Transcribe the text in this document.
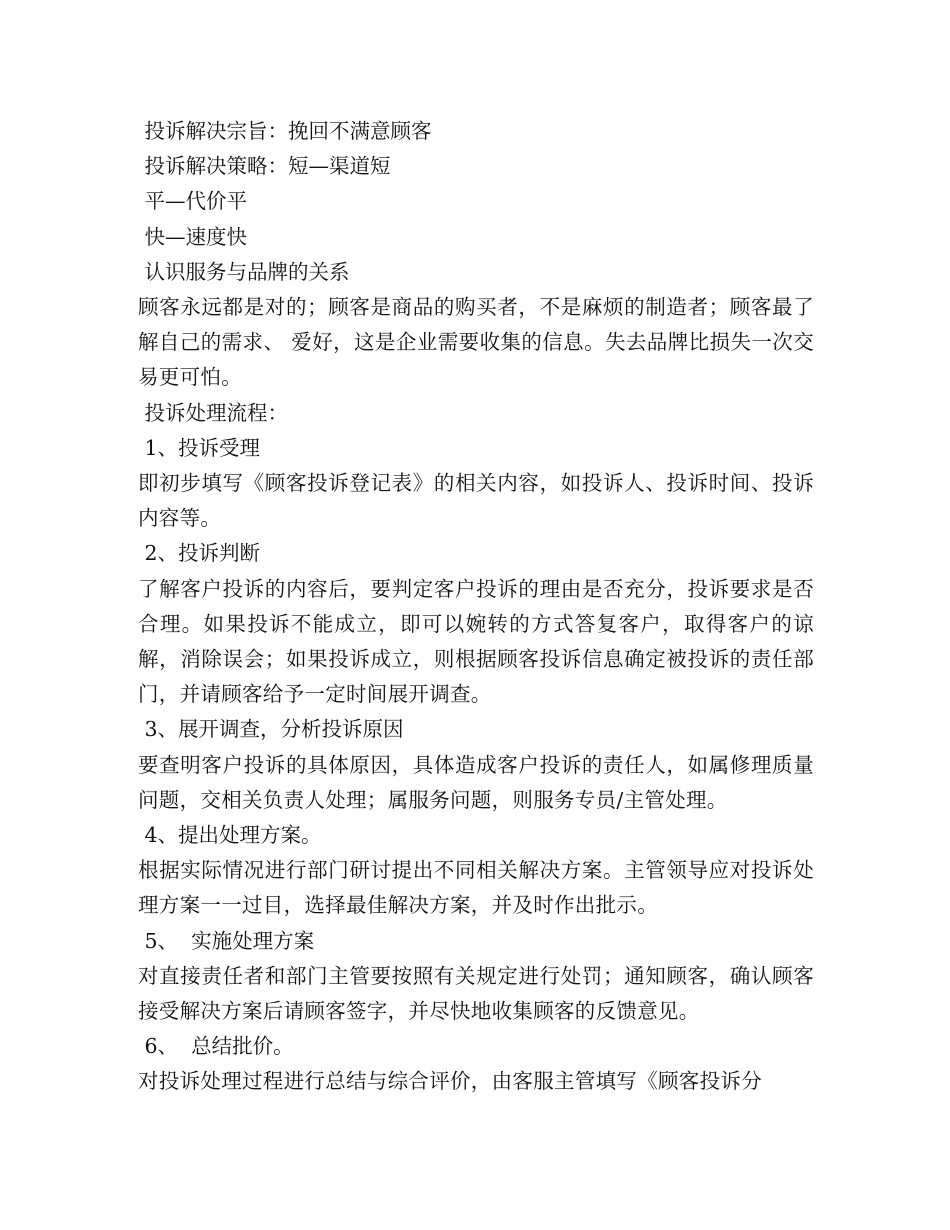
投诉解决宗旨：挽回不满意顾客

投诉解决策略：短—渠道短

平—代价平

快—速度快

认识服务与品牌的关系

顾客永远都是对的；顾客是商品的购买者，不是麻烦的制造者；顾客最了解自己的需求、 爱好，这是企业需要收集的信息。失去品牌比损失一次交易更可怕。

投诉处理流程：

1、投诉受理

即初步填写《顾客投诉登记表》的相关内容，如投诉人、投诉时间、投诉内容等。

2、投诉判断

了解客户投诉的内容后，要判定客户投诉的理由是否充分，投诉要求是否合理。如果投诉不能成立，即可以婉转的方式答复客户，取得客户的谅解，消除误会；如果投诉成立，则根据顾客投诉信息确定被投诉的责任部门，并请顾客给予一定时间展开调查。

3、展开调查，分析投诉原因

要查明客户投诉的具体原因，具体造成客户投诉的责任人，如属修理质量问题，交相关负责人处理；属服务问题，则服务专员/主管处理。

4、提出处理方案。

根据实际情况进行部门研讨提出不同相关解决方案。主管领导应对投诉处理方案一一过目，选择最佳解决方案，并及时作出批示。

5、  实施处理方案

对直接责任者和部门主管要按照有关规定进行处罚；通知顾客，确认顾客接受解决方案后请顾客签字，并尽快地收集顾客的反馈意见。

6、  总结批价。

对投诉处理过程进行总结与综合评价，由客服主管填写《顾客投诉分
